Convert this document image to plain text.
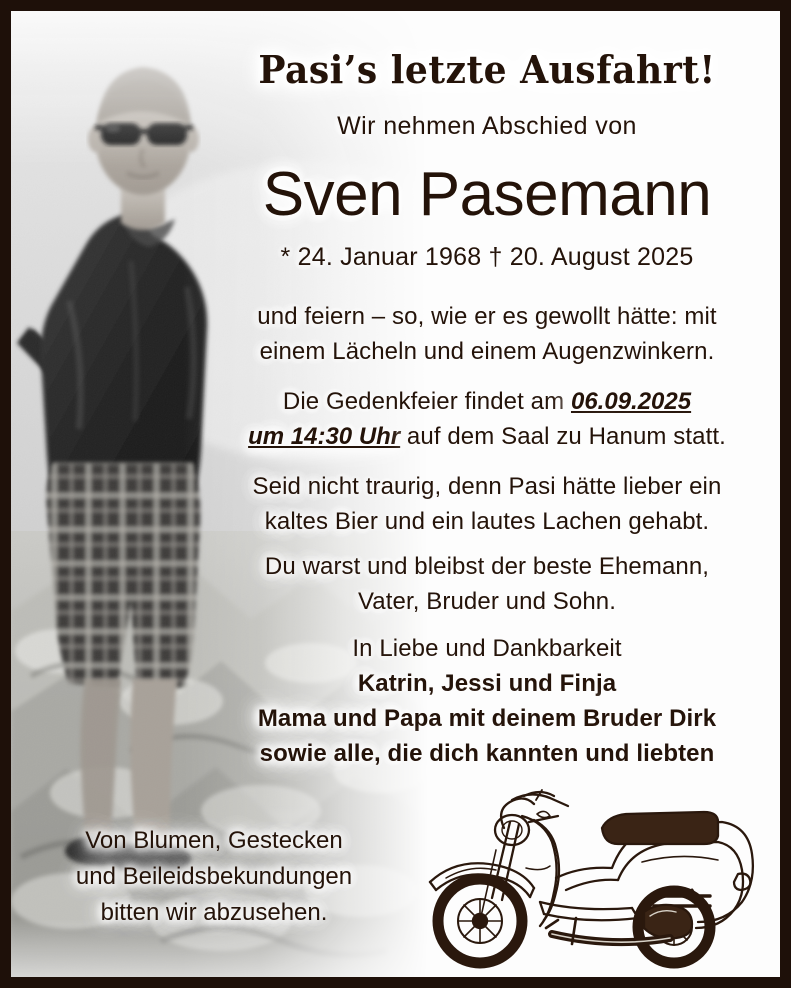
Pasi’s letzte Ausfahrt!
Wir nehmen Abschied von
Sven Pasemann
* 24. Januar 1968 † 20. August 2025
und feiern – so, wie er es gewollt hätte: mit
einem Lächeln und einem Augenzwinkern.
Die Gedenkfeier findet am 06.09.2025
um 14:30 Uhr auf dem Saal zu Hanum statt.
Seid nicht traurig, denn Pasi hätte lieber ein
kaltes Bier und ein lautes Lachen gehabt.
Du warst und bleibst der beste Ehemann,
Vater, Bruder und Sohn.
In Liebe und Dankbarkeit
Katrin, Jessi und Finja
Mama und Papa mit deinem Bruder Dirk
sowie alle, die dich kannten und liebten
Von Blumen, Gestecken
und Beileidsbekundungen
bitten wir abzusehen.
